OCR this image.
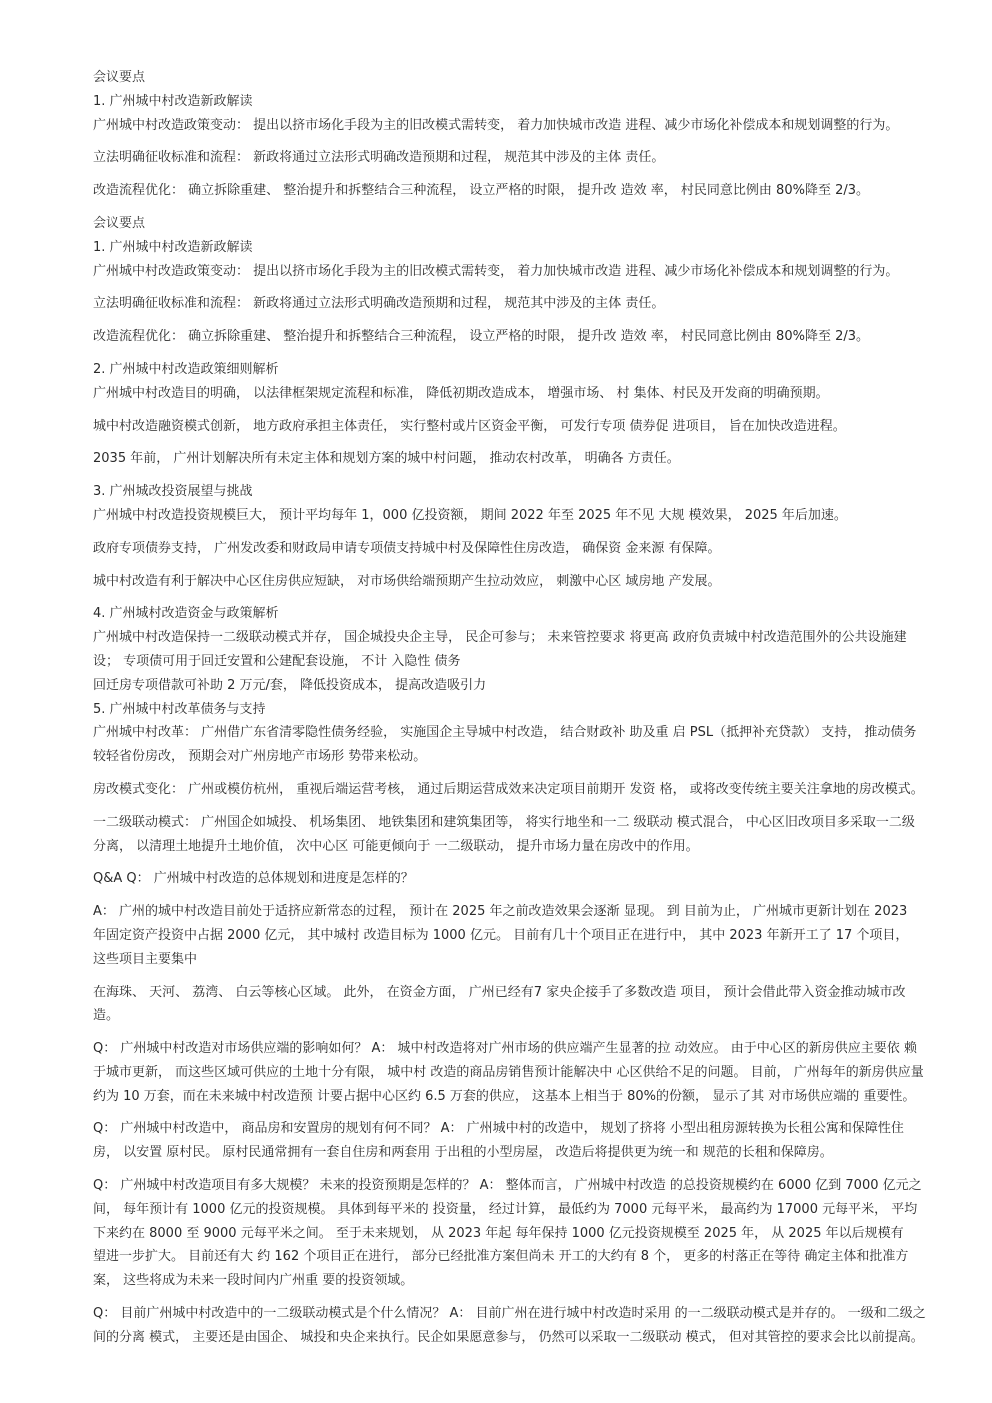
会议要点
1. 广州城中村改造新政解读
广州城中村改造政策变动： 提出以挤市场化手段为主的旧改模式需转变， 着力加快城市改造 进程、减少市场化补偿成本和规划调整的行为。
立法明确征收标准和流程： 新政将通过立法形式明确改造预期和过程， 规范其中涉及的主体 责任。
改造流程优化： 确立拆除重建、 整治提升和拆整结合三种流程， 设立严格的时限， 提升改 造效 率， 村民同意比例由 80%降至 2/3。
会议要点
1. 广州城中村改造新政解读
广州城中村改造政策变动： 提出以挤市场化手段为主的旧改模式需转变， 着力加快城市改造 进程、减少市场化补偿成本和规划调整的行为。
立法明确征收标准和流程： 新政将通过立法形式明确改造预期和过程， 规范其中涉及的主体 责任。
改造流程优化： 确立拆除重建、 整治提升和拆整结合三种流程， 设立严格的时限， 提升改 造效 率， 村民同意比例由 80%降至 2/3。
2. 广州城中村改造政策细则解析
广州城中村改造目的明确， 以法律框架规定流程和标准， 降低初期改造成本， 增强市场、 村 集体、村民及开发商的明确预期。
城中村改造融资模式创新， 地方政府承担主体责任， 实行整村或片区资金平衡， 可发行专项 债券促 进项目， 旨在加快改造进程。
2035 年前， 广州计划解决所有未定主体和规划方案的城中村问题， 推动农村改革， 明确各 方责任。
3. 广州城改投资展望与挑战
广州城中村改造投资规模巨大， 预计平均每年 1，000 亿投资额， 期间 2022 年至 2025 年不见 大规 模效果， 2025 年后加速。
政府专项债券支持， 广州发改委和财政局申请专项债支持城中村及保障性住房改造， 确保资 金来源 有保障。
城中村改造有利于解决中心区住房供应短缺， 对市场供给端预期产生拉动效应， 刺激中心区 域房地 产发展。
4. 广州城村改造资金与政策解析
广州城中村改造保持一二级联动模式并存， 国企城投央企主导， 民企可参与； 未来管控要求 将更高 政府负责城中村改造范围外的公共设施建
设； 专项债可用于回迁安置和公建配套设施， 不计 入隐性 债务
回迁房专项借款可补助 2 万元/套， 降低投资成本， 提高改造吸引力
5. 广州城中村改革债务与支持
广州城中村改革： 广州借广东省清零隐性债务经验， 实施国企主导城中村改造， 结合财政补 助及重 启 PSL（抵押补充贷款） 支持， 推动债务
较轻省份房改， 预期会对广州房地产市场形 势带来松动。
房改模式变化： 广州或模仿杭州， 重视后端运营考核， 通过后期运营成效来决定项目前期开 发资 格， 或将改变传统主要关注拿地的房改模式。
一二级联动模式： 广州国企如城投、 机场集团、 地铁集团和建筑集团等， 将实行地坐和一二 级联动 模式混合， 中心区旧改项目多采取一二级
分离， 以清理土地提升土地价值， 次中心区 可能更倾向于 一二级联动， 提升市场力量在房改中的作用。
Q&A Q： 广州城中村改造的总体规划和进度是怎样的？
A： 广州的城中村改造目前处于适挤应新常态的过程， 预计在 2025 年之前改造效果会逐渐 显现。 到 目前为止， 广州城市更新计划在 2023
年固定资产投资中占据 2000 亿元， 其中城村 改造目标为 1000 亿元。 目前有几十个项目正在进行中， 其中 2023 年新开工了 17 个项目，
这些项目主要集中
在海珠、 天河、 荔湾、 白云等核心区域。 此外， 在资金方面， 广州已经有7 家央企接手了多数改造 项目， 预计会借此带入资金推动城市改
造。
Q： 广州城中村改造对市场供应端的影响如何？ A： 城中村改造将对广州市场的供应端产生显著的拉 动效应。 由于中心区的新房供应主要依 赖
于城市更新， 而这些区域可供应的土地十分有限， 城中村 改造的商品房销售预计能解决中 心区供给不足的问题。 目前， 广州每年的新房供应量
约为 10 万套，而在未来城中村改造预 计要占据中心区约 6.5 万套的供应， 这基本上相当于 80%的份额， 显示了其 对市场供应端的 重要性。
Q： 广州城中村改造中， 商品房和安置房的规划有何不同？ A： 广州城中村的改造中， 规划了挤将 小型出租房源转换为长租公寓和保障性住
房， 以安置 原村民。 原村民通常拥有一套自住房和两套用 于出租的小型房屋， 改造后将提供更为统一和 规范的长租和保障房。
Q： 广州城中村改造项目有多大规模？ 未来的投资预期是怎样的？ A： 整体而言， 广州城中村改造 的总投资规模约在 6000 亿到 7000 亿元之
间， 每年预计有 1000 亿元的投资规模。 具体到每平米的 投资量， 经过计算， 最低约为 7000 元每平米， 最高约为 17000 元每平米， 平均
下来约在 8000 至 9000 元每平米之间。 至于未来规划， 从 2023 年起 每年保持 1000 亿元投资规模至 2025 年， 从 2025 年以后规模有
望进一步扩大。 目前还有大 约 162 个项目正在进行， 部分已经批准方案但尚未 开工的大约有 8 个， 更多的村落正在等待 确定主体和批准方
案， 这些将成为未来一段时间内广州重 要的投资领域。
Q： 目前广州城中村改造中的一二级联动模式是个什么情况？ A： 目前广州在进行城中村改造时采用 的一二级联动模式是并存的。 一级和二级之
间的分离 模式， 主要还是由国企、 城投和央企来执行。民企如果愿意参与， 仍然可以采取一二级联动 模式， 但对其管控的要求会比以前提高。
